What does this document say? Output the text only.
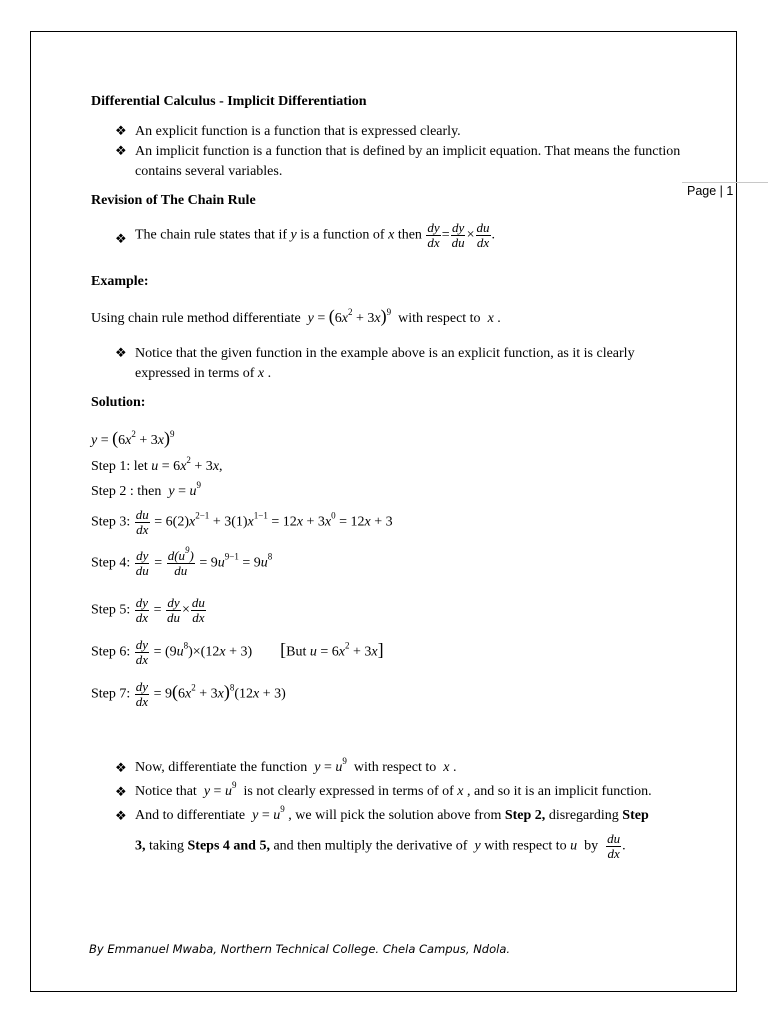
Page | 1
Differential Calculus - Implicit Differentiation
❖ An explicit function is a function that is expressed clearly.
❖ An implicit function is a function that is defined by an implicit equation. That means the function contains several variables.
Revision of The Chain Rule
❖ The chain rule states that if y is a function of x then $\frac{dy}{dx} = \frac{dy}{du} \times \frac{du}{dx}$ .
Example:
Using chain rule method differentiate  $y = (6x^2 + 3x)^9$  with respect to  x .
❖ Notice that the given function in the example above is an explicit function, as it is clearly expressed in terms of x .
Solution:
$y = (6x^2 + 3x)^9$
Step 1: let $u = 6x^2 + 3x$,
Step 2 : then  $y = u^9$
Step 3: $\frac{du}{dx} = 6(2)x^{2-1} + 3(1)x^{1-1} = 12x + 3x^0 = 12x + 3$
Step 4: $\frac{dy}{du} = \frac{d(u^9)}{du} = 9u^{9-1} = 9u^8$
Step 5: $\frac{dy}{dx} = \frac{dy}{du} \times \frac{du}{dx}$
Step 6: $\frac{dy}{dx} = (9u^8)\times(12x + 3)$        [But $u = 6x^2 + 3x$]
Step 7: $\frac{dy}{dx} = 9(6x^2 + 3x)^8(12x + 3)$
❖ Now, differentiate the function  $y = u^9$  with respect to  x .
❖ Notice that  $y = u^9$  is not clearly expressed in terms of of x , and so it is an implicit function.
❖ And to differentiate  $y = u^9$ , we will pick the solution above from Step 2, disregarding Step
3, taking Steps 4 and 5, and then multiply the derivative of  y with respect to u  by $\frac{du}{dx}$ .
By Emmanuel Mwaba, Northern Technical College. Chela Campus, Ndola.
